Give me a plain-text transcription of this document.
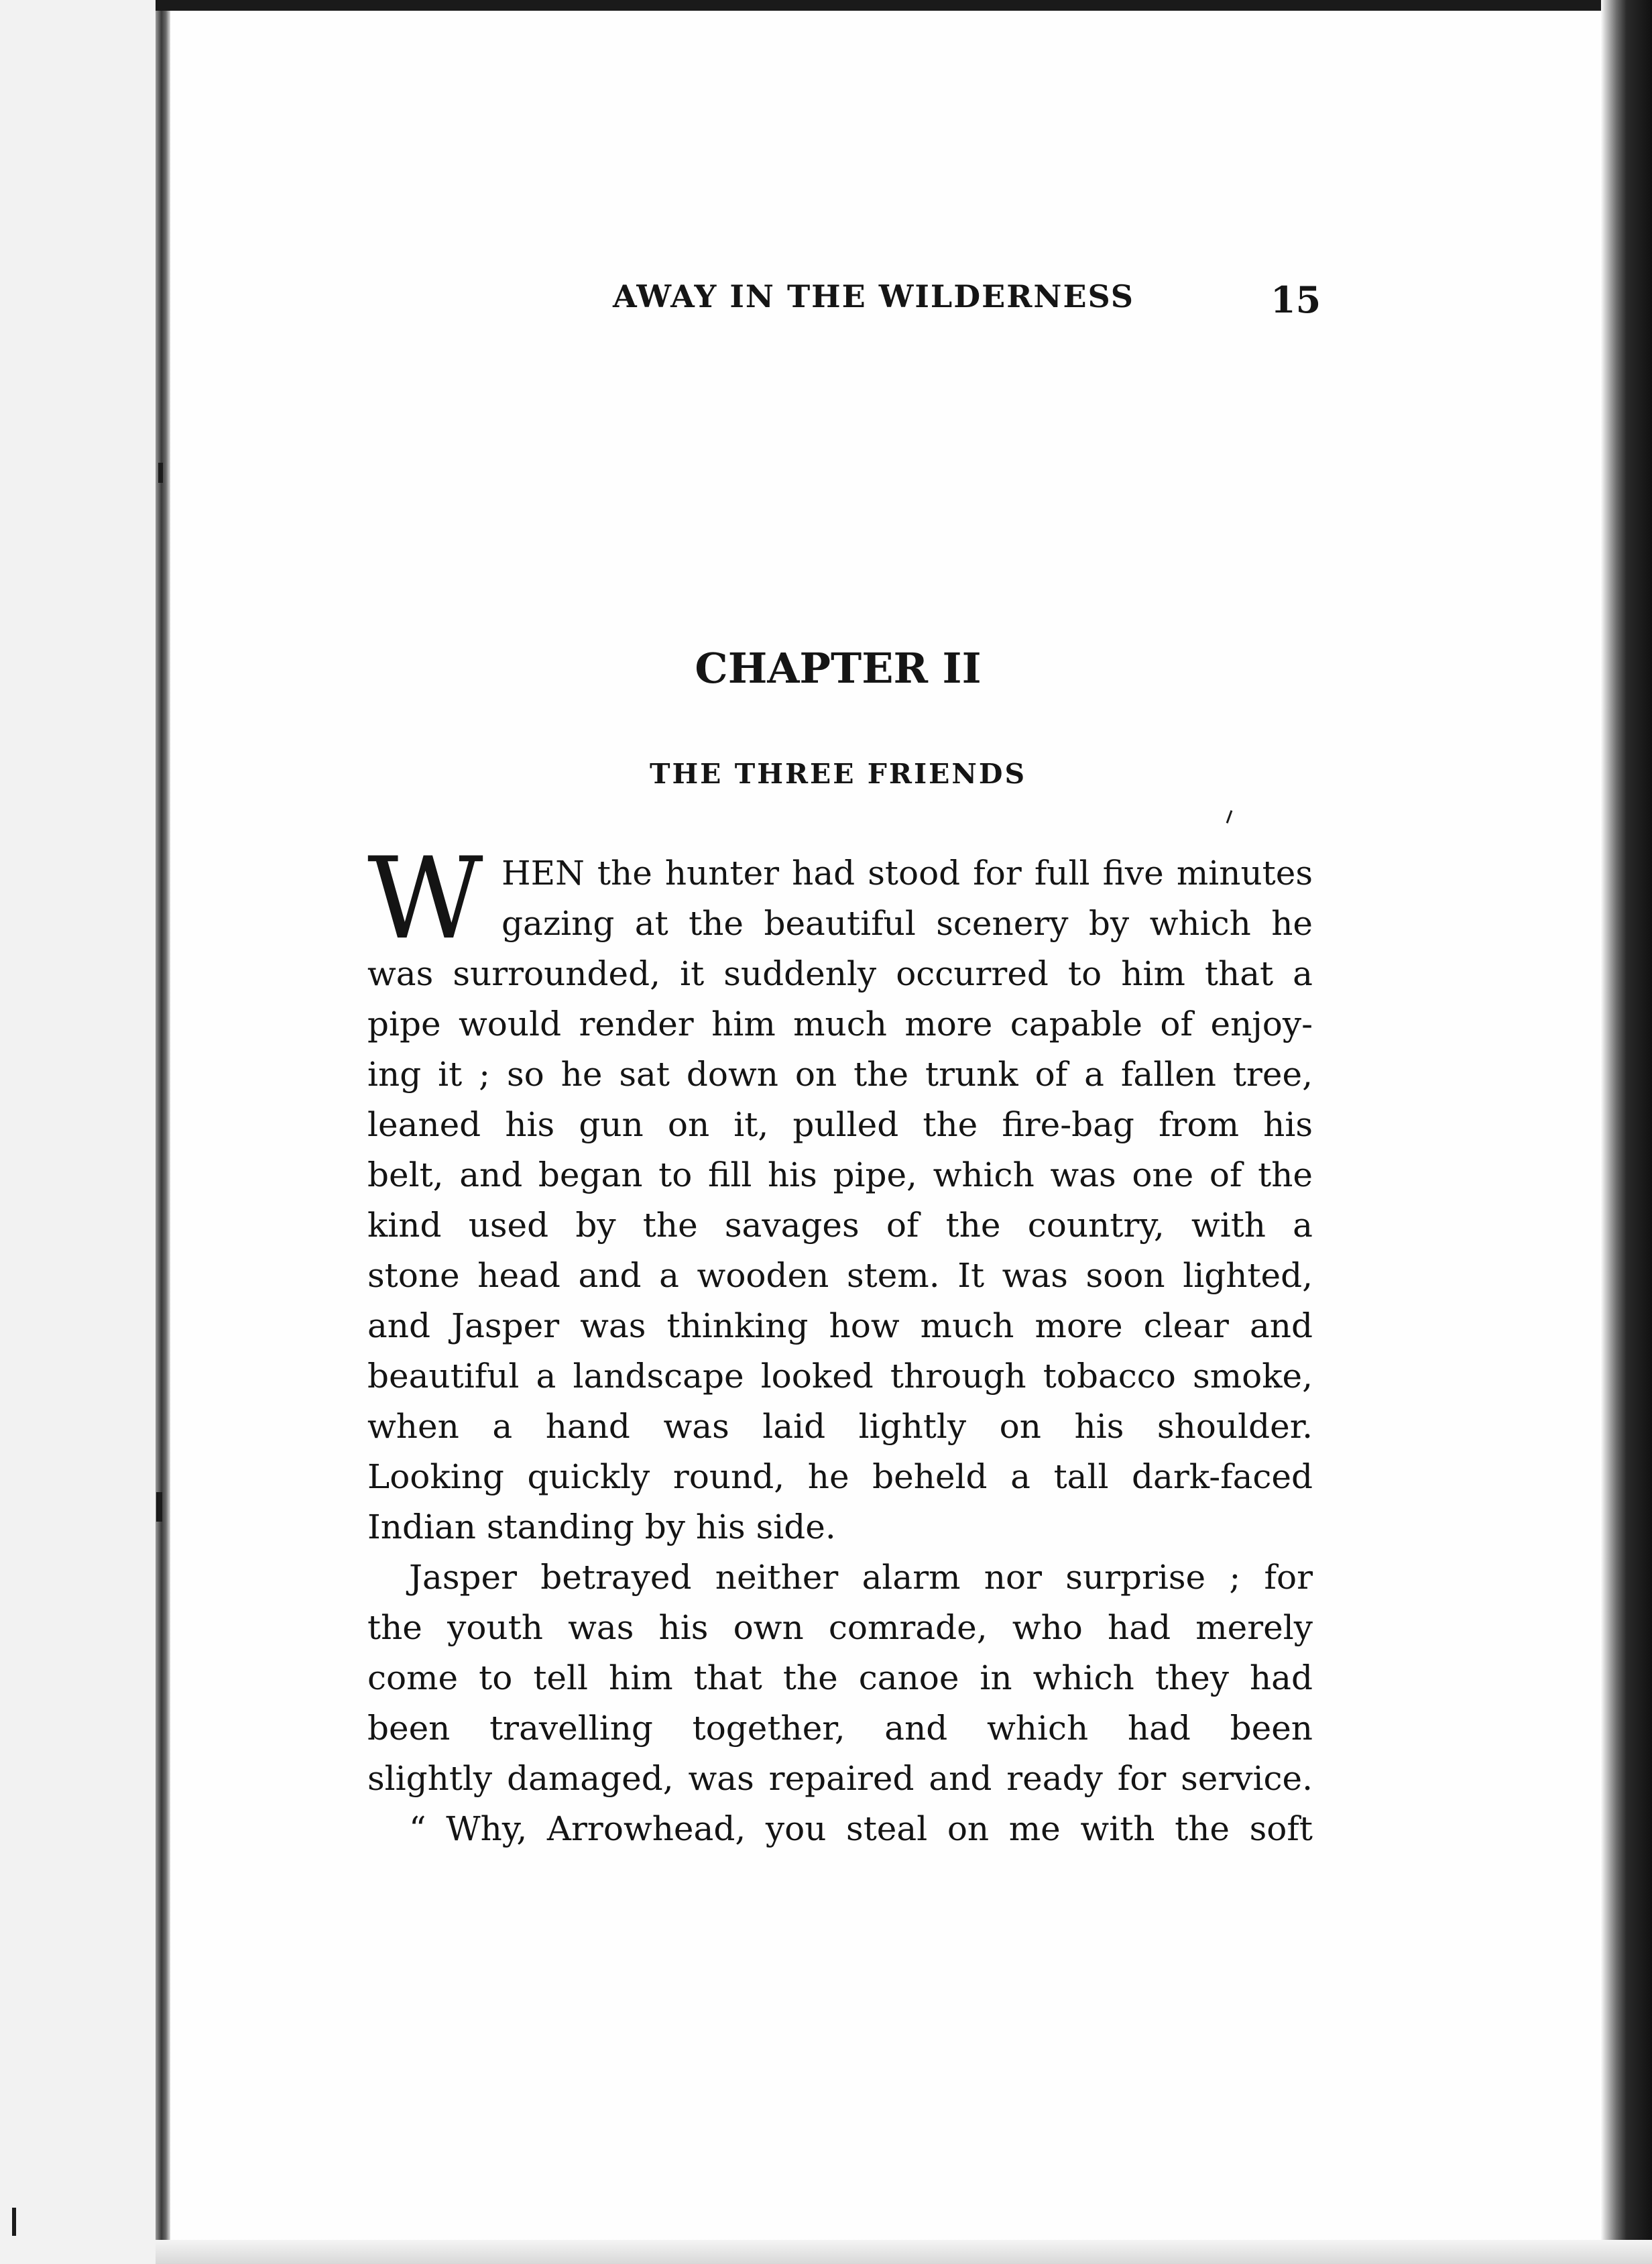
AWAY IN THE WILDERNESS	15
CHAPTER II
THE THREE FRIENDS
W HEN the hunter had stood for full five minutes
gazing at the beautiful scenery by which he
was surrounded, it suddenly occurred to him that a
pipe would render him much more capable of enjoy-
ing it ; so he sat down on the trunk of a fallen tree,
leaned his gun on it, pulled the fire-bag from his
belt, and began to fill his pipe, which was one of the
kind used by the savages of the country, with a
stone head and a wooden stem. It was soon lighted,
and Jasper was thinking how much more clear and
beautiful a landscape looked through tobacco smoke,
when a hand was laid lightly on his shoulder.
Looking quickly round, he beheld a tall dark-faced
Indian standing by his side.
Jasper betrayed neither alarm nor surprise ; for
the youth was his own comrade, who had merely
come to tell him that the canoe in which they had
been travelling together, and which had been
slightly damaged, was repaired and ready for service.
“ Why, Arrowhead, you steal on me with the soft
